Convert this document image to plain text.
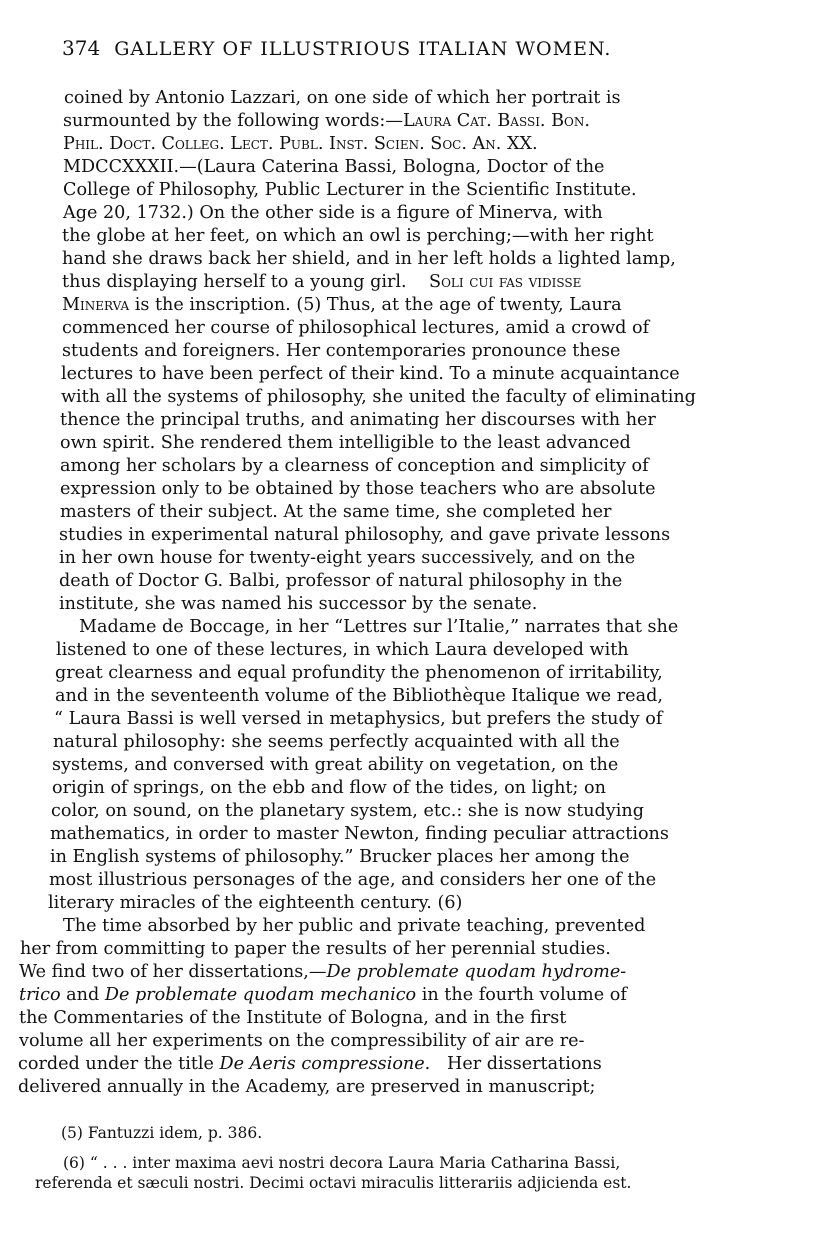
374 GALLERY OF ILLUSTRIOUS ITALIAN WOMEN.
coined by Antonio Lazzari, on one side of which her portrait is
surmounted by the following words:—Laura Cat. Bassi. Bon.
Phil. Doct. Colleg. Lect. Publ. Inst. Scien. Soc. An. XX.
MDCCXXXII.—(Laura Caterina Bassi, Bologna, Doctor of the
College of Philosophy, Public Lecturer in the Scientific Institute.
Age 20, 1732.) On the other side is a figure of Minerva, with
the globe at her feet, on which an owl is perching;—with her right
hand she draws back her shield, and in her left holds a lighted lamp,
thus displaying herself to a young girl. Soli cui fas vidisse
Minerva is the inscription. (5) Thus, at the age of twenty, Laura
commenced her course of philosophical lectures, amid a crowd of
students and foreigners. Her contemporaries pronounce these
lectures to have been perfect of their kind. To a minute acquaintance
with all the systems of philosophy, she united the faculty of eliminating
thence the principal truths, and animating her discourses with her
own spirit. She rendered them intelligible to the least advanced
among her scholars by a clearness of conception and simplicity of
expression only to be obtained by those teachers who are absolute
masters of their subject. At the same time, she completed her
studies in experimental natural philosophy, and gave private lessons
in her own house for twenty-eight years successively, and on the
death of Doctor G. Balbi, professor of natural philosophy in the
institute, she was named his successor by the senate.
Madame de Boccage, in her “Lettres sur l’Italie,” narrates that she
listened to one of these lectures, in which Laura developed with
great clearness and equal profundity the phenomenon of irritability,
and in the seventeenth volume of the Bibliothèque Italique we read,
“ Laura Bassi is well versed in metaphysics, but prefers the study of
natural philosophy: she seems perfectly acquainted with all the
systems, and conversed with great ability on vegetation, on the
origin of springs, on the ebb and flow of the tides, on light; on
color, on sound, on the planetary system, etc.: she is now studying
mathematics, in order to master Newton, finding peculiar attractions
in English systems of philosophy.” Brucker places her among the
most illustrious personages of the age, and considers her one of the
literary miracles of the eighteenth century. (6)
The time absorbed by her public and private teaching, prevented
her from committing to paper the results of her perennial studies.
We find two of her dissertations,—De problemate quodam hydrome-
trico and De problemate quodam mechanico in the fourth volume of
the Commentaries of the Institute of Bologna, and in the first
volume all her experiments on the compressibility of air are re-
corded under the title De Aeris compressione. Her dissertations
delivered annually in the Academy, are preserved in manuscript;
(5) Fantuzzi idem, p. 386.
(6) “ . . . inter maxima aevi nostri decora Laura Maria Catharina Bassi,
referenda et sæculi nostri. Decimi octavi miraculis litterariis adjicienda est.
